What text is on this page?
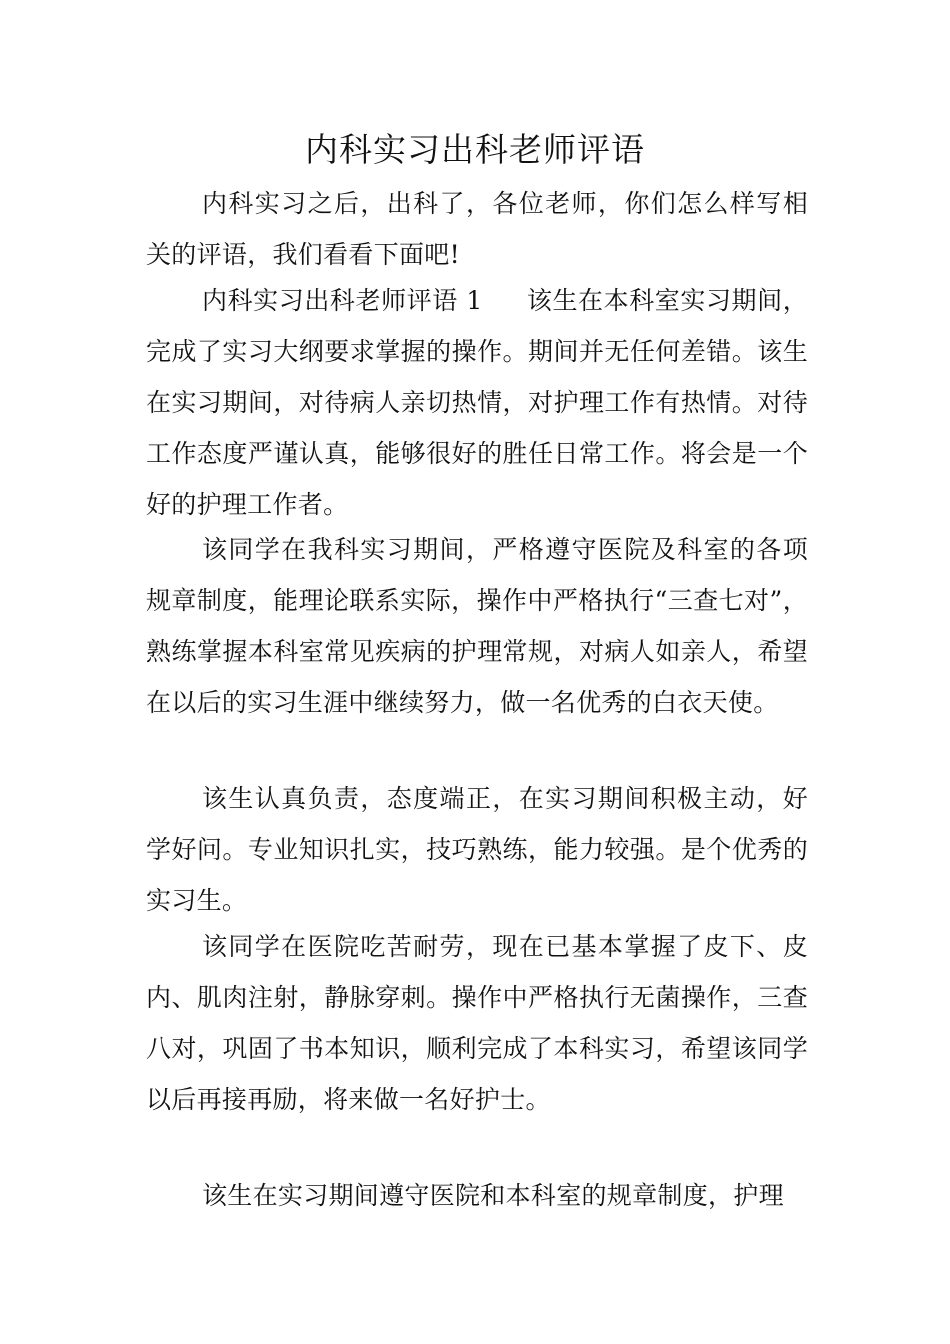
内科实习出科老师评语

内科实习之后，出科了，各位老师，你们怎么样写相关的评语，我们看看下面吧!

内科实习出科老师评语 1 该生在本科室实习期间，完成了实习大纲要求掌握的操作。期间并无任何差错。该生在实习期间，对待病人亲切热情，对护理工作有热情。对待工作态度严谨认真，能够很好的胜任日常工作。将会是一个好的护理工作者。

该同学在我科实习期间，严格遵守医院及科室的各项规章制度，能理论联系实际，操作中严格执行“三查七对”，熟练掌握本科室常见疾病的护理常规，对病人如亲人，希望在以后的实习生涯中继续努力，做一名优秀的白衣天使。

该生认真负责，态度端正，在实习期间积极主动，好学好问。专业知识扎实，技巧熟练，能力较强。是个优秀的实习生。

该同学在医院吃苦耐劳，现在已基本掌握了皮下、皮内、肌肉注射，静脉穿刺。操作中严格执行无菌操作，三查八对，巩固了书本知识，顺利完成了本科实习，希望该同学以后再接再励，将来做一名好护士。

该生在实习期间遵守医院和本科室的规章制度，护理
